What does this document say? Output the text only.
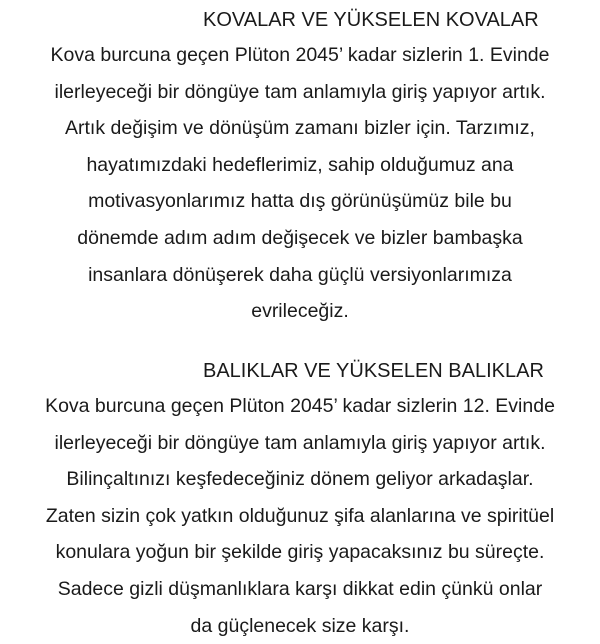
KOVALAR VE YÜKSELEN KOVALAR
Kova burcuna geçen Plüton 2045’ kadar sizlerin 1. Evinde
ilerleyeceği bir döngüye tam anlamıyla giriş yapıyor artık.
Artık değişim ve dönüşüm zamanı bizler için. Tarzımız,
hayatımızdaki hedeflerimiz, sahip olduğumuz ana
motivasyonlarımız hatta dış görünüşümüz bile bu
dönemde adım adım değişecek ve bizler bambaşka
insanlara dönüşerek daha güçlü versiyonlarımıza
evrileceğiz.
BALIKLAR VE YÜKSELEN BALIKLAR
Kova burcuna geçen Plüton 2045’ kadar sizlerin 12. Evinde
ilerleyeceği bir döngüye tam anlamıyla giriş yapıyor artık.
Bilinçaltınızı keşfedeceğiniz dönem geliyor arkadaşlar.
Zaten sizin çok yatkın olduğunuz şifa alanlarına ve spiritüel
konulara yoğun bir şekilde giriş yapacaksınız bu süreçte.
Sadece gizli düşmanlıklara karşı dikkat edin çünkü onlar
da güçlenecek size karşı.
